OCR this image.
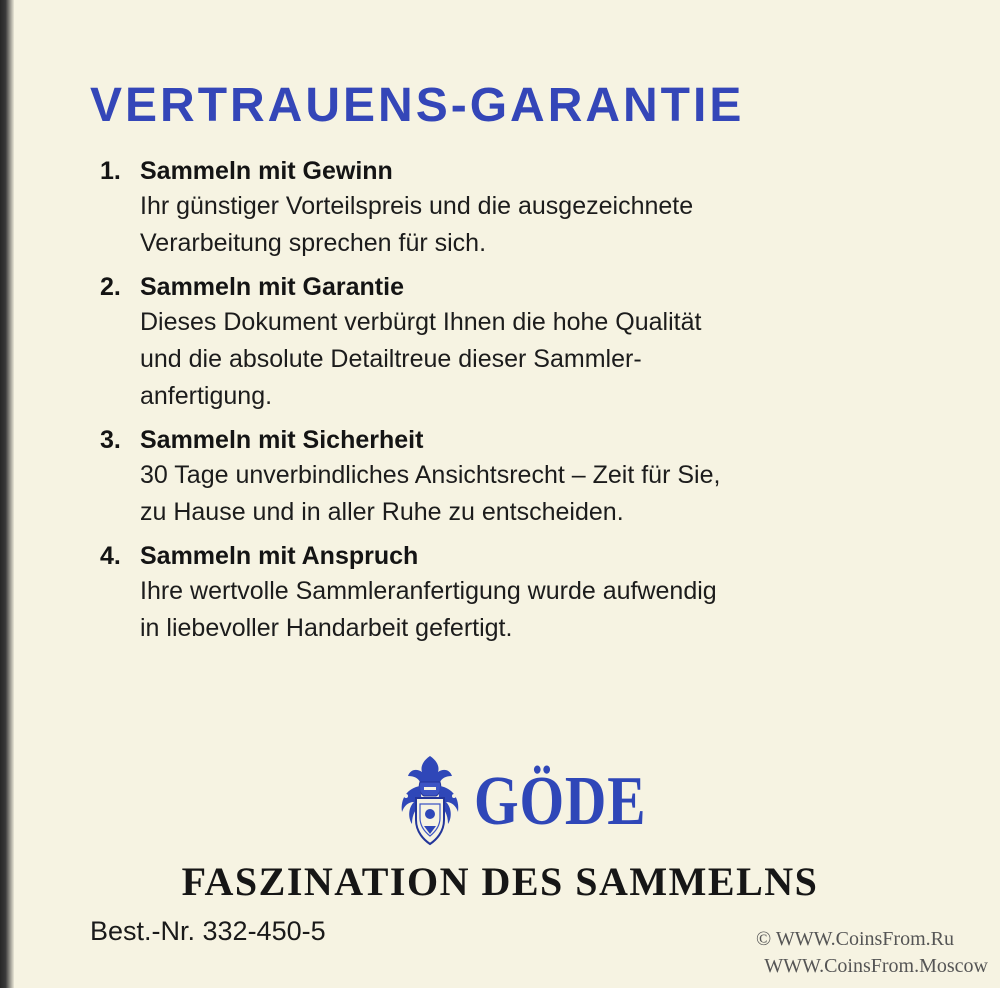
VERTRAUENS-GARANTIE
1. Sammeln mit Gewinn
Ihr günstiger Vorteilspreis und die ausgezeichnete
Verarbeitung sprechen für sich.
2. Sammeln mit Garantie
Dieses Dokument verbürgt Ihnen die hohe Qualität
und die absolute Detailtreue dieser Sammler-
anfertigung.
3. Sammeln mit Sicherheit
30 Tage unverbindliches Ansichtsrecht – Zeit für Sie,
zu Hause und in aller Ruhe zu entscheiden.
4. Sammeln mit Anspruch
Ihre wertvolle Sammleranfertigung wurde aufwendig
in liebevoller Handarbeit gefertigt.
GÖDE
FASZINATION DES SAMMELNS
Best.-Nr. 332-450-5	© WWW.CoinsFrom.Ru
WWW.CoinsFrom.Moscow
